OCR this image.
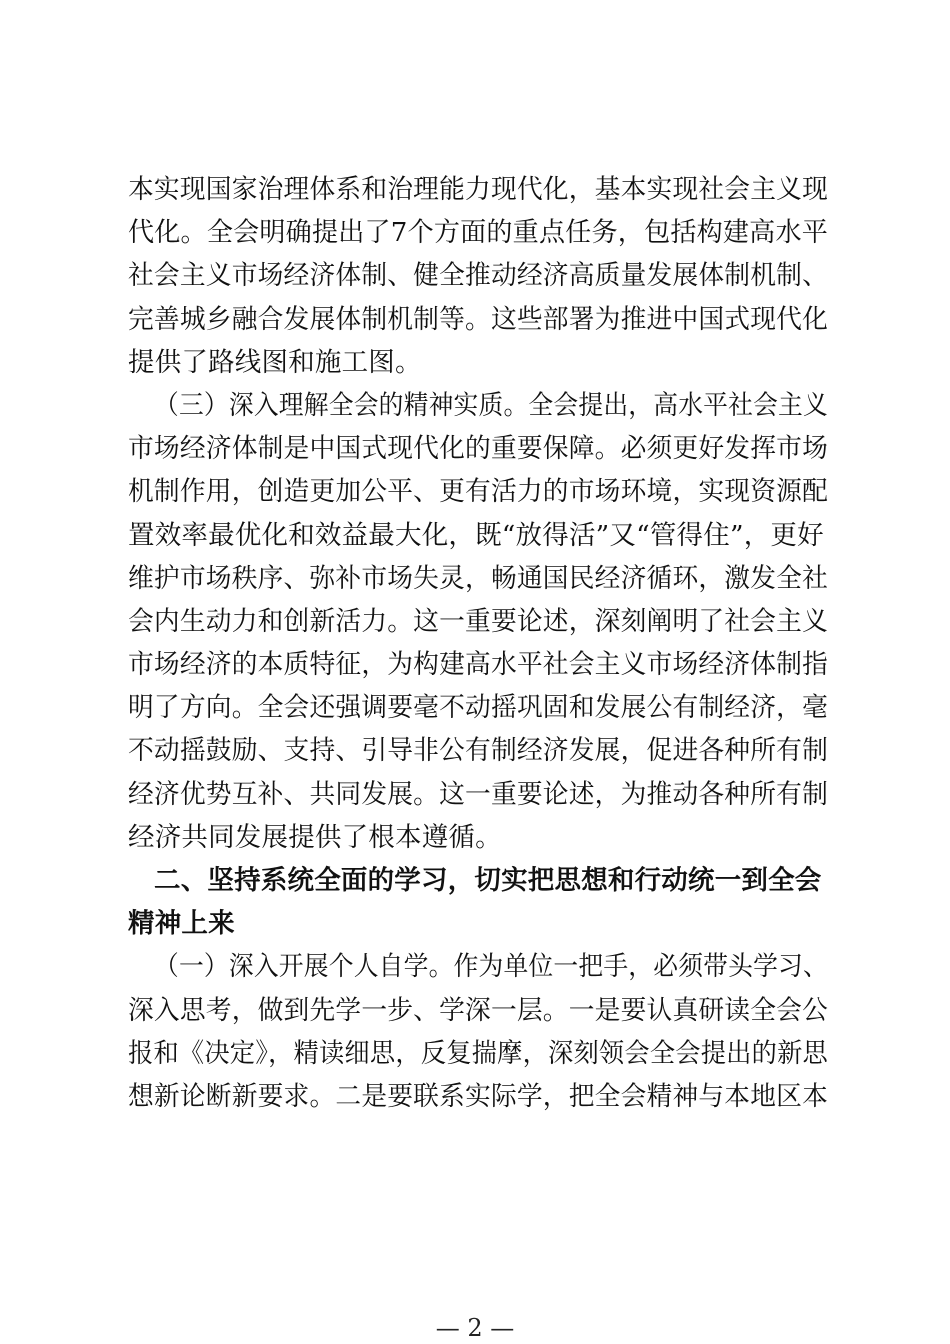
本实现国家治理体系和治理能力现代化，基本实现社会主义现
代化。全会明确提出了7个方面的重点任务，包括构建高水平
社会主义市场经济体制、健全推动经济高质量发展体制机制、
完善城乡融合发展体制机制等。这些部署为推进中国式现代化
提供了路线图和施工图。
（三）深入理解全会的精神实质。全会提出，高水平社会主义
市场经济体制是中国式现代化的重要保障。必须更好发挥市场
机制作用，创造更加公平、更有活力的市场环境，实现资源配
置效率最优化和效益最大化，既“放得活”又“管得住”，更好
维护市场秩序、弥补市场失灵，畅通国民经济循环，激发全社
会内生动力和创新活力。这一重要论述，深刻阐明了社会主义
市场经济的本质特征，为构建高水平社会主义市场经济体制指
明了方向。全会还强调要毫不动摇巩固和发展公有制经济，毫
不动摇鼓励、支持、引导非公有制经济发展，促进各种所有制
经济优势互补、共同发展。这一重要论述，为推动各种所有制
经济共同发展提供了根本遵循。
二、坚持系统全面的学习，切实把思想和行动统一到全会
精神上来
（一）深入开展个人自学。作为单位一把手，必须带头学习、
深入思考，做到先学一步、学深一层。一是要认真研读全会公
报和《决定》，精读细思，反复揣摩，深刻领会全会提出的新思
想新论断新要求。二是要联系实际学，把全会精神与本地区本
— 2 —
